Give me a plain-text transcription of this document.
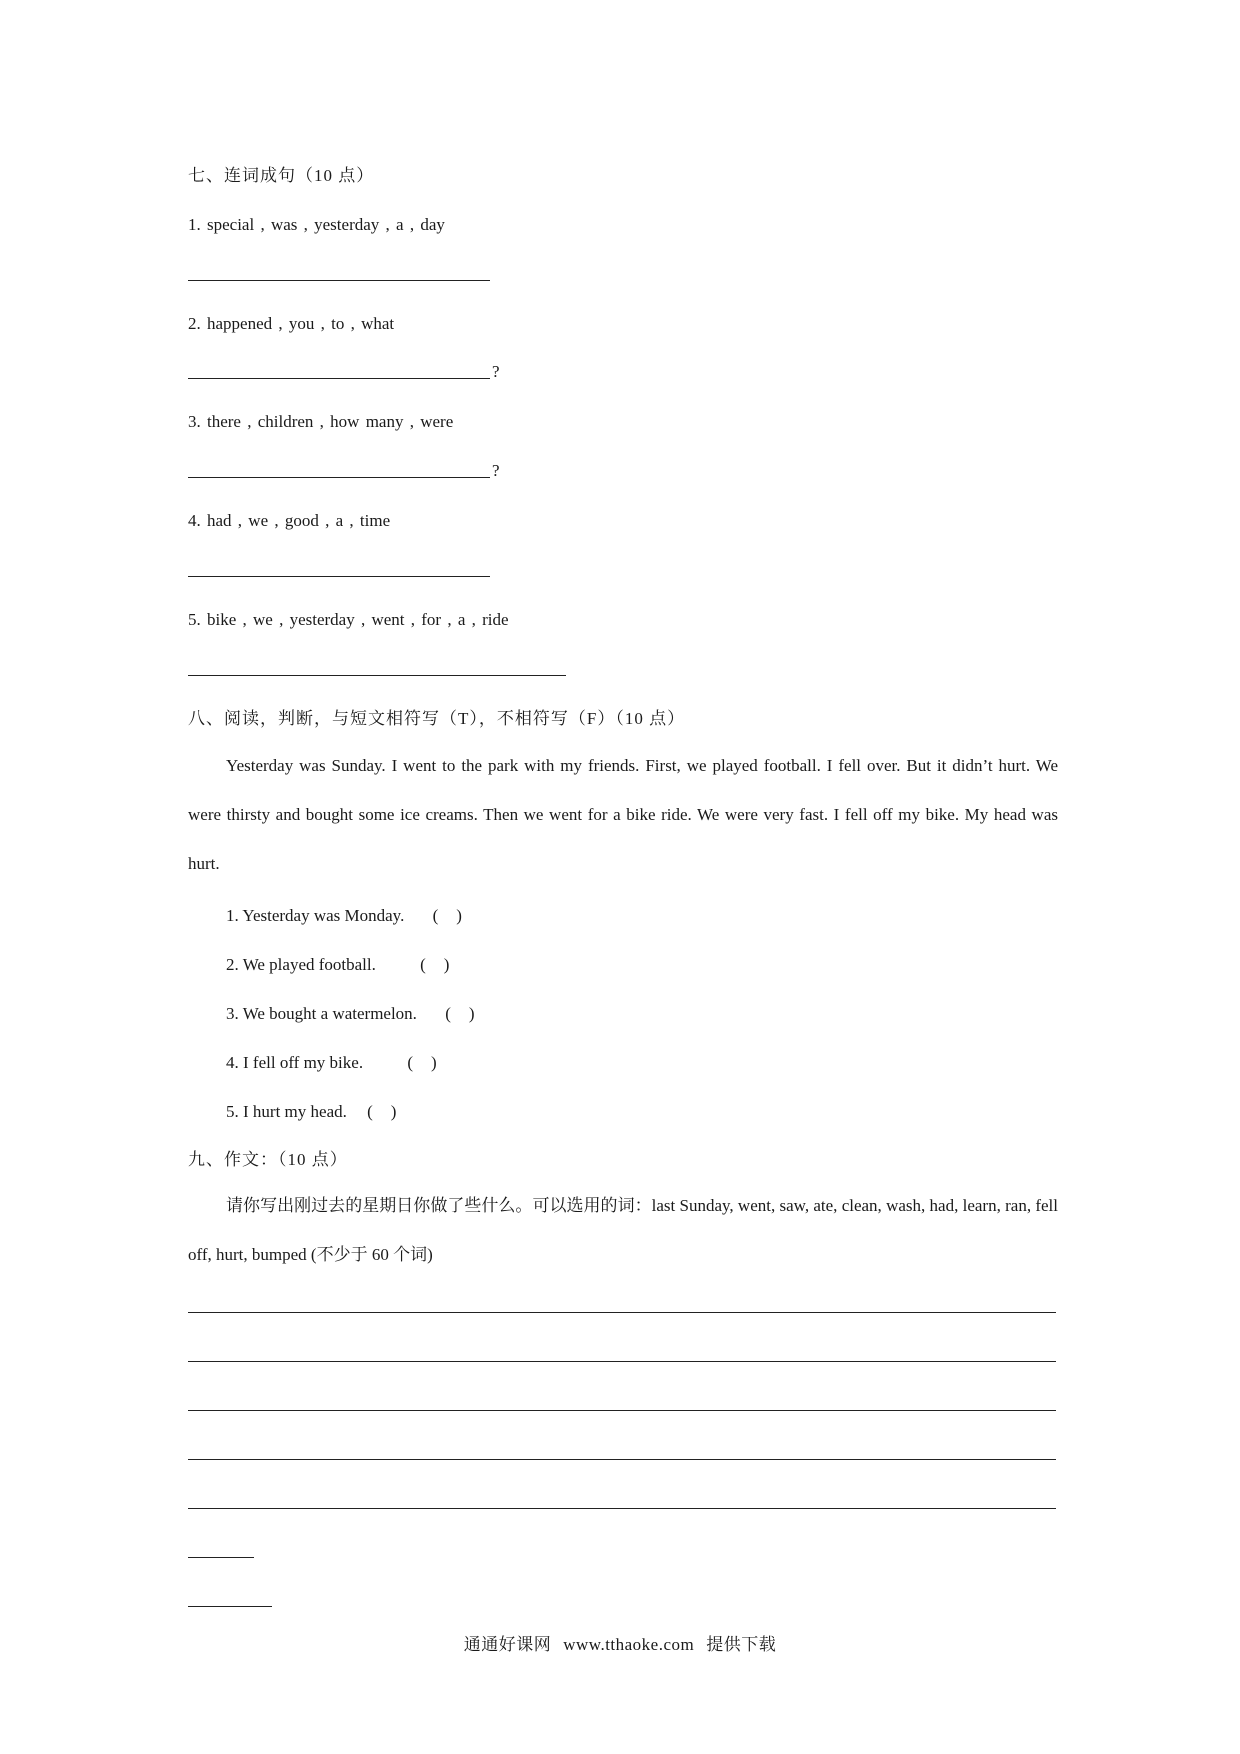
七、连词成句（10 点）
1. special , was , yesterday , a , day
2. happened , you , to , what
?
3. there , children , how many , were
?
4. had , we , good , a , time
5. bike , we , yesterday , went , for , a , ride
八、阅读，判断，与短文相符写（T），不相符写（F）（10 点）
Yesterday was Sunday. I went to the park with my friends. First, we played football. I fell over. But it didn’t hurt. We were thirsty and bought some ice creams. Then we went for a bike ride. We were very fast. I fell off my bike. My head was hurt.
1. Yesterday was Monday. ( )
2. We played football.	( )
3. We bought a watermelon. ( )
4. I fell off my bike.	( )
5. I hurt my head. ( )
九、作文：（10 点）
请你写出刚过去的星期日你做了些什么。可以选用的词：last Sunday, went, saw, ate, clean, wash, had, learn, ran, fell off, hurt, bumped (不少于 60 个词)
通通好课网 www.tthaoke.com 提供下载
